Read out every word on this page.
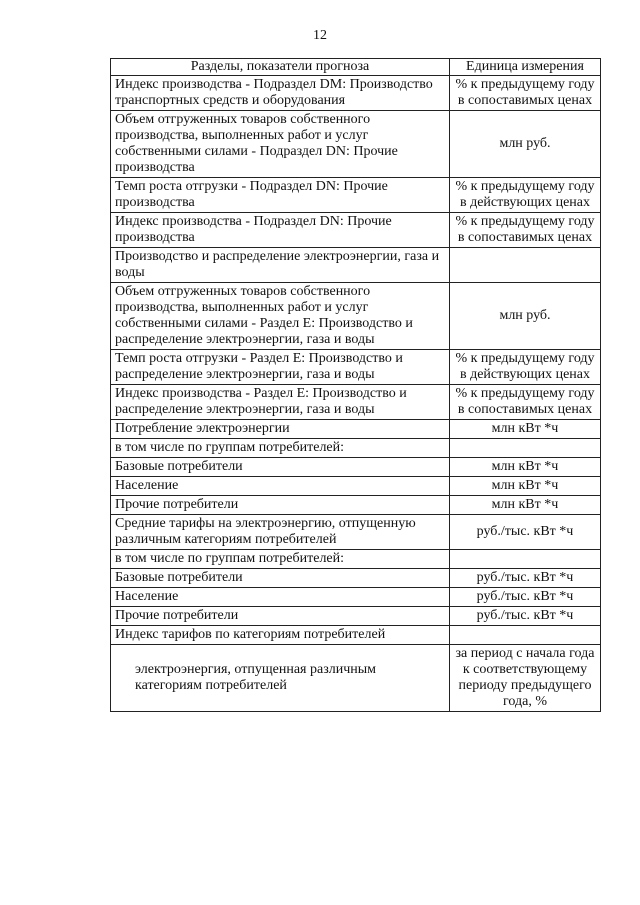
12
Разделы, показатели прогноза	Единица измерения
Индекс производства - Подраздел DM: Производство транспортных средств и оборудования	% к предыдущему году в сопоставимых ценах
Объем отгруженных товаров собственного производства, выполненных работ и услуг собственными силами - Подраздел DN: Прочие производства	млн руб.
Темп роста отгрузки - Подраздел DN: Прочие производства	% к предыдущему году в действующих ценах
Индекс производства - Подраздел DN: Прочие производства	% к предыдущему году в сопоставимых ценах
Производство и распределение электроэнергии, газа и воды	
Объем отгруженных товаров собственного производства, выполненных работ и услуг собственными силами - Раздел Е: Производство и распределение электроэнергии, газа и воды	млн руб.
Темп роста отгрузки - Раздел Е: Производство и распределение электроэнергии, газа и воды	% к предыдущему году в действующих ценах
Индекс производства - Раздел Е: Производство и распределение электроэнергии, газа и воды	% к предыдущему году в сопоставимых ценах
Потребление электроэнергии	млн кВт *ч
в том числе по группам потребителей:	
Базовые потребители	млн кВт *ч
Население	млн кВт *ч
Прочие потребители	млн кВт *ч
Средние тарифы на электроэнергию, отпущенную различным категориям потребителей	руб./тыс. кВт *ч
в том числе по группам потребителей:	
Базовые потребители	руб./тыс. кВт *ч
Население	руб./тыс. кВт *ч
Прочие потребители	руб./тыс. кВт *ч
Индекс тарифов по категориям потребителей	
электроэнергия, отпущенная различным категориям потребителей	за период с начала года к соответствующему периоду предыдущего года, %
